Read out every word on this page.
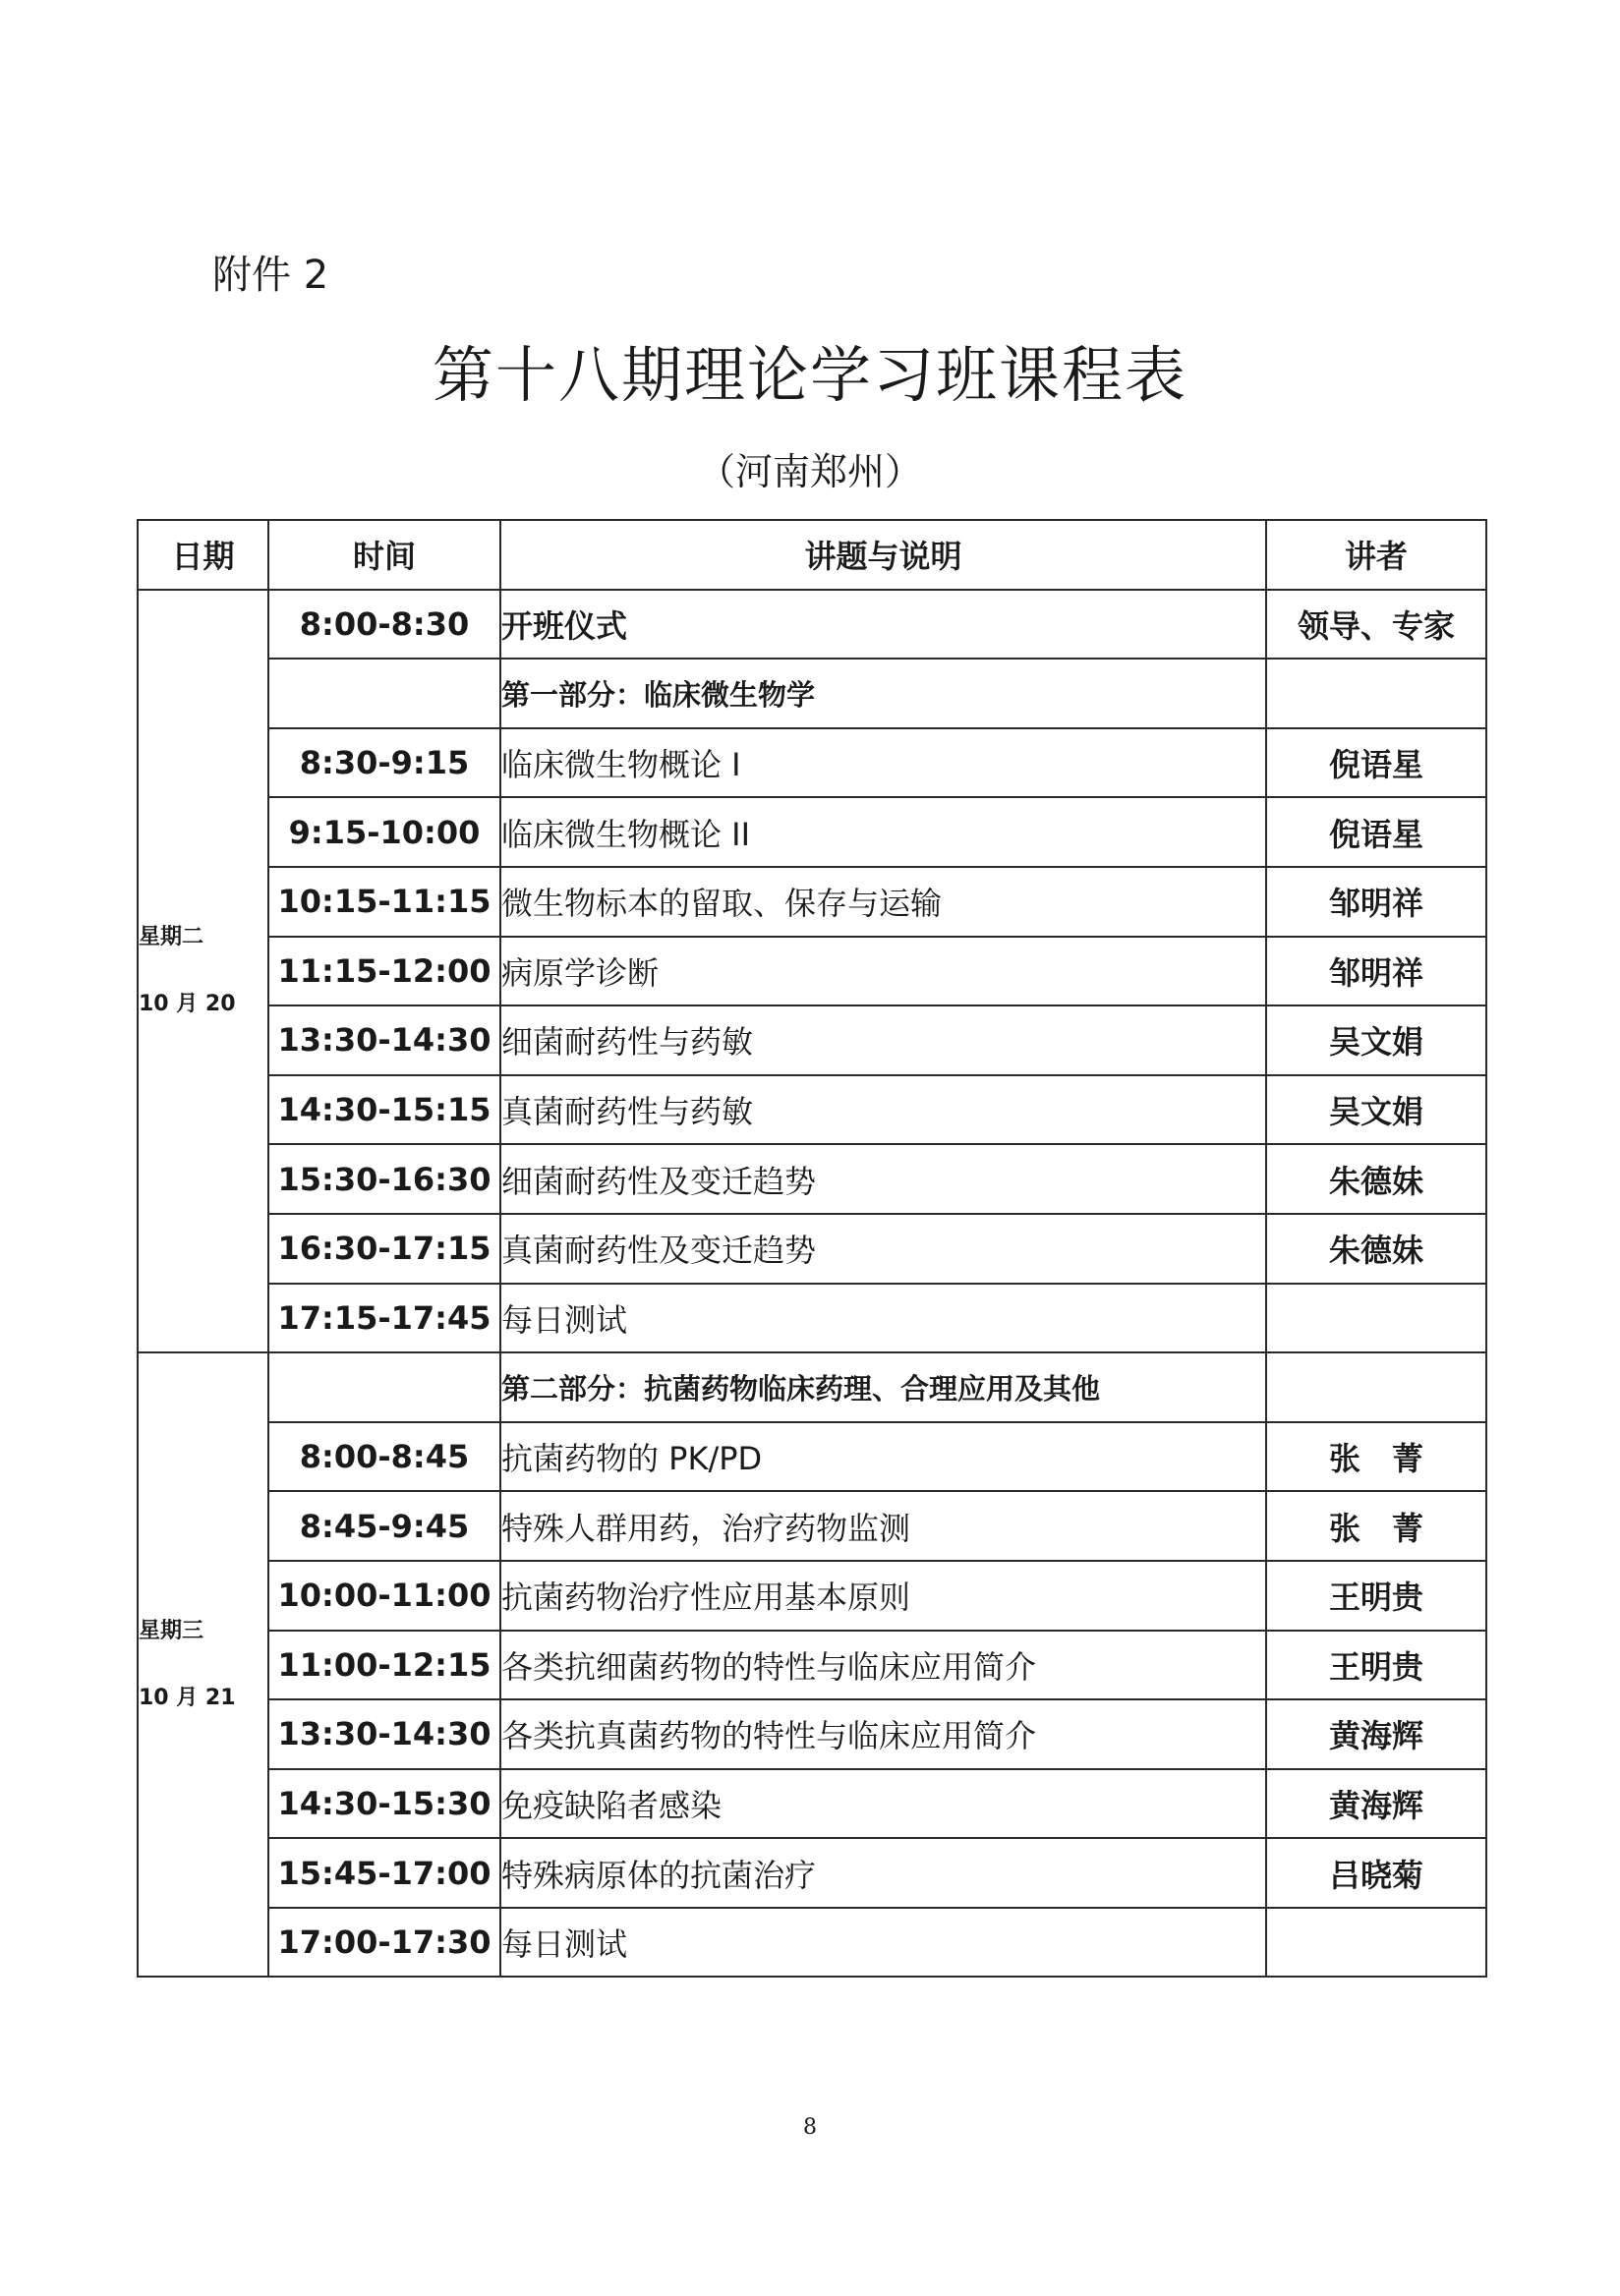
附件 2
第十八期理论学习班课程表
（河南郑州）
日期	时间	讲题与说明	讲者

星期二
10 月 20	8:00-8:30	开班仪式	领导、专家
		第一部分：临床微生物学	
	8:30-9:15	临床微生物概论 I	倪语星
	9:15-10:00	临床微生物概论 II	倪语星
	10:15-11:15	微生物标本的留取、保存与运输	邹明祥
	11:15-12:00	病原学诊断	邹明祥
	13:30-14:30	细菌耐药性与药敏	吴文娟
	14:30-15:15	真菌耐药性与药敏	吴文娟
	15:30-16:30	细菌耐药性及变迁趋势	朱德妹
	16:30-17:15	真菌耐药性及变迁趋势	朱德妹
	17:15-17:45	每日测试	

星期三
10 月 21		第二部分：抗菌药物临床药理、合理应用及其他	
	8:00-8:45	抗菌药物的 PK/PD	张　菁
	8:45-9:45	特殊人群用药，治疗药物监测	张　菁
	10:00-11:00	抗菌药物治疗性应用基本原则	王明贵
	11:00-12:15	各类抗细菌药物的特性与临床应用简介	王明贵
	13:30-14:30	各类抗真菌药物的特性与临床应用简介	黄海辉
	14:30-15:30	免疫缺陷者感染	黄海辉
	15:45-17:00	特殊病原体的抗菌治疗	吕晓菊
	17:00-17:30	每日测试	
8
